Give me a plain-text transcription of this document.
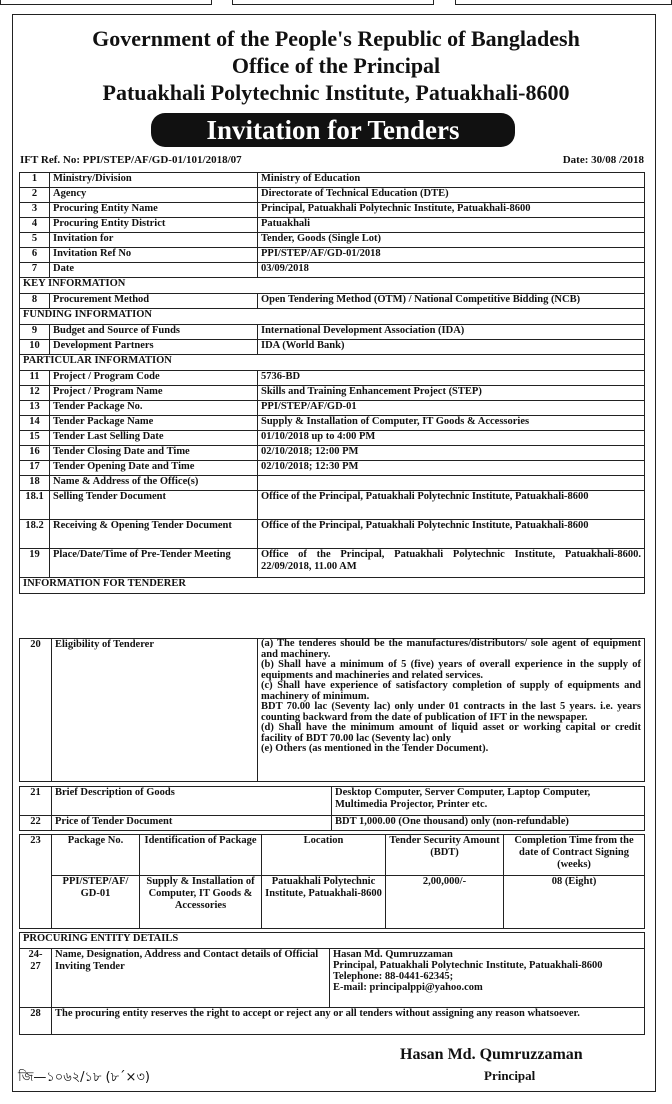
Government of the People's Republic of Bangladesh
Office of the Principal
Patuakhali Polytechnic Institute, Patuakhali-8600
Invitation for Tenders
IFT Ref. No: PPI/STEP/AF/GD-01/101/2018/07	Date: 30/08 /2018
1	Ministry/Division	Ministry of Education
2	Agency	Directorate of Technical Education (DTE)
3	Procuring Entity Name	Principal, Patuakhali Polytechnic Institute, Patuakhali-8600
4	Procuring Entity District	Patuakhali
5	Invitation for	Tender, Goods (Single Lot)
6	Invitation Ref No	PPI/STEP/AF/GD-01/2018
7	Date	03/09/2018
KEY INFORMATION		
8	Procurement Method	Open Tendering Method (OTM) / National Competitive Bidding (NCB)
FUNDING INFORMATION		
9	Budget and Source of Funds	International Development Association (IDA)
10	Development Partners	IDA (World Bank)
PARTICULAR INFORMATION		
11	Project / Program Code	5736-BD
12	Project / Program Name	Skills and Training Enhancement Project (STEP)
13	Tender Package No.	PPI/STEP/AF/GD-01
14	Tender Package Name	Supply & Installation of Computer, IT Goods & Accessories
15	Tender Last Selling Date	01/10/2018 up to 4:00 PM
16	Tender Closing Date and Time	02/10/2018; 12:00 PM
17	Tender Opening Date and Time	02/10/2018; 12:30 PM
18	Name & Address of the Office(s)	
18.1	Selling Tender Document	Office of the Principal, Patuakhali Polytechnic Institute, Patuakhali-8600
18.2	Receiving & Opening Tender Document	Office of the Principal, Patuakhali Polytechnic Institute, Patuakhali-8600
19	Place/Date/Time of Pre-Tender Meeting	Office of the Principal, Patuakhali Polytechnic Institute, Patuakhali-8600. 22/09/2018, 11.00 AM
INFORMATION FOR TENDERER		
20	Eligibility of Tenderer	(a) The tenderes should be the manufactures/distributors/ sole agent of equipment and machinery.
(b) Shall have a minimum of 5 (five) years of overall experience in the supply of equipments and machineries and related services.
(c) Shall have experience of satisfactory completion of supply of equipments and machinery of minimum.
BDT 70.00 lac (Seventy lac) only under 01 contracts in the last 5 years. i.e. years counting backward from the date of publication of IFT in the newspaper.
(d) Shall have the minimum amount of liquid asset or working capital or credit facility of BDT 70.00 lac (Seventy lac) only
(e) Others (as mentioned in the Tender Document).
21	Brief Description of Goods	Desktop Computer, Server Computer, Laptop Computer, Multimedia Projector, Printer etc.
22	Price of Tender Document	BDT 1,000.00 (One thousand) only (non-refundable)
23	Package No.	Identification of Package	Location	Tender Security Amount (BDT)	Completion Time from the date of Contract Signing (weeks)
	PPI/STEP/AF/ GD-01	Supply & Installation of Computer, IT Goods & Accessories	Patuakhali Polytechnic Institute, Patuakhali-8600	2,00,000/-	08 (Eight)
PROCURING ENTITY DETAILS		
24-
27	Name, Designation, Address and Contact details of Official Inviting Tender	Hasan Md. Qumruzzaman
Principal, Patuakhali Polytechnic Institute, Patuakhali-8600
Telephone: 88-0441-62345;
E-mail: principalppi@yahoo.com
28	The procuring entity reserves the right to accept or reject any or all tenders without assigning any reason whatsoever.	
Hasan Md. Qumruzzaman
Principal
জি—১০৬২/১৮ (৮´×৩)
